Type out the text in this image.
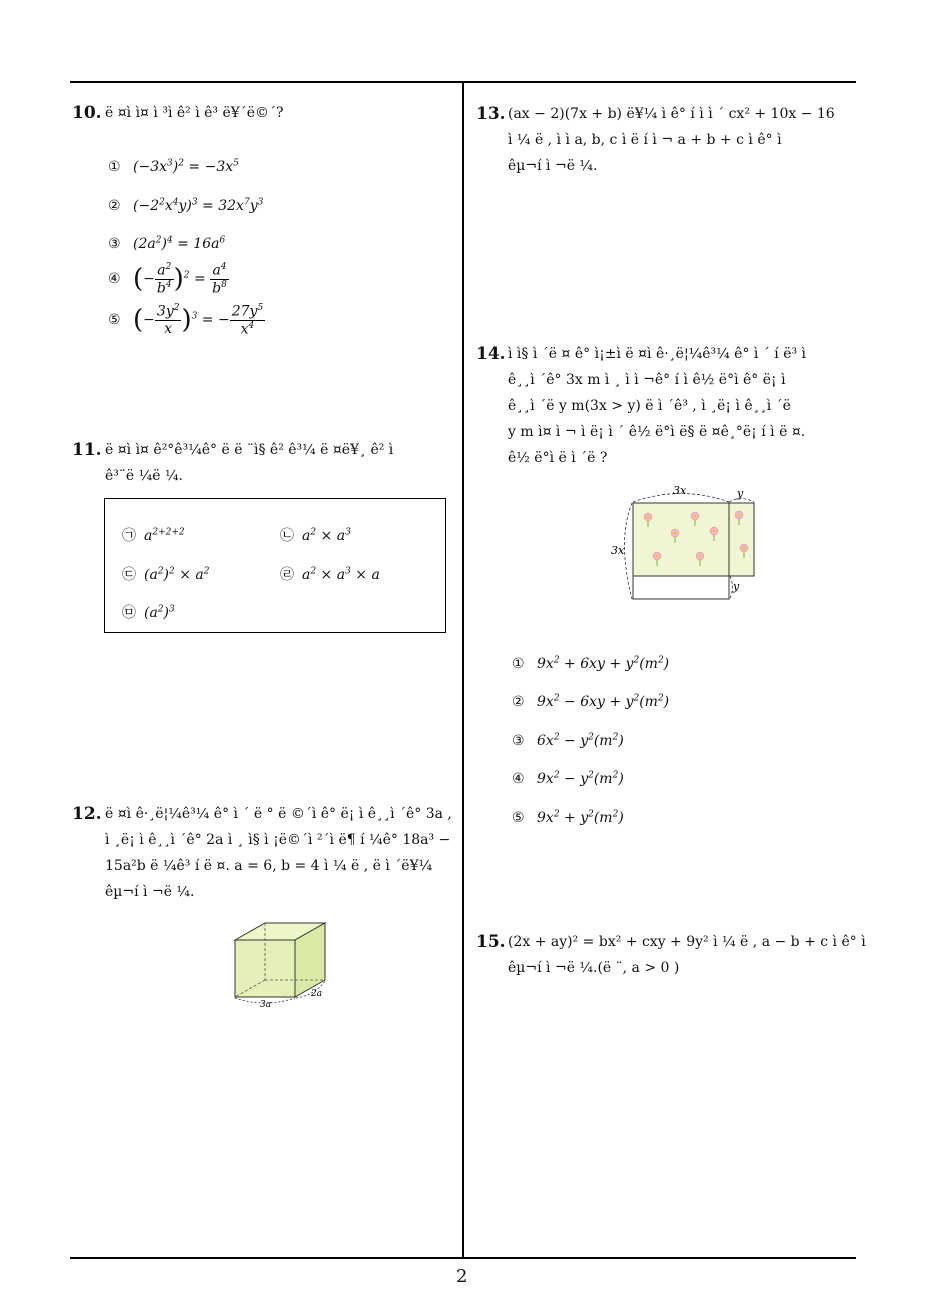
2
10. ë ¤ì ì¤ ì ³ì ê² ì ê³ ë¥´ë©´?
① $(-3x^3)^2 = -3x^5$
② $(-2^2x^4y)^3 = 32x^7y^3$
③ $(2a^2)^4 = 16a^6$
④ (− $\frac{a^2}{b^4} )^2 = \frac{a^4}{b^8}$
⑤ (− $\frac{3y^2}{x} )^3$ = − $\frac{27y^5}{x^4}$
11. ë ¤ì ì¤ ê²°ê³¼ê° ë ë ¨ì§ ê² ê³¼ ë ¤ë¥¸ ê² ì
ê³¨ë ¼ë ¼.
㉠ $a^{2+2+2}$	㉡ $a^2 \times a^3$
㉢ $(a^2)^2 \times a^2$	㉣ $a^2 \times a^3 \times a$
㉤ $(a^2)^3$
12. ë ¤ì ê·¸ë¦¼ê³¼ ê° ì ´ ë ° ë ©´ì ê° ë¡ ì ê¸¸ì ´ê° 3a ,
ì ¸ë¡ ì ê¸¸ì ´ê° 2a ì ¸ ì§ ì ¡ë©´ì ²´ì ë¶ í ¼ê° 18a³ −
15a²b ë ¼ê³ í ë ¤. a = 6, b = 4 ì ¼ ë , ë ì ´ë¥¼
êµ¬í ì ¬ë ¼.
3a
2a
13. (ax − 2)(7x + b) ë¥¼ ì ê° í ì ì ´ cx² + 10x − 16
ì ¼ ë , ì ì a, b, c ì ë í ì ¬ a + b + c ì ê° ì
êµ¬í ì ¬ë ¼.
14. ì ì§ ì ´ë ¤ ê° ì¡±ì ë ¤ì ê·¸ë¦¼ê³¼ ê° ì ´ í ë³ ì
ê¸¸ì ´ê° 3x m ì ¸ ì ì ¬ê° í ì ê½ ë°ì ê° ë¡ ì
ê¸¸ì ´ë y m(3x > y) ë ì ´ê³ , ì ¸ë¡ ì ê¸¸ì ´ë
y m ì¤ ì ¬ ì ë¡ ì ´ ê½ ë°ì ë§ ë ¤ê¸°ë¡ í ì ë ¤.
ê½ ë°ì ë ì ´ë ?
3x	y
3x
y
① $9x^2 + 6xy + y^2(m^2)$
② $9x^2 - 6xy + y^2(m^2)$
③ $6x^2 - y^2(m^2)$
④ $9x^2 - y^2(m^2)$
⑤ $9x^2 + y^2(m^2)$
15. (2x + ay)² = bx² + cxy + 9y² ì ¼ ë , a − b + c ì ê° ì
êµ¬í ì ¬ë ¼.(ë ¨, a > 0 )
